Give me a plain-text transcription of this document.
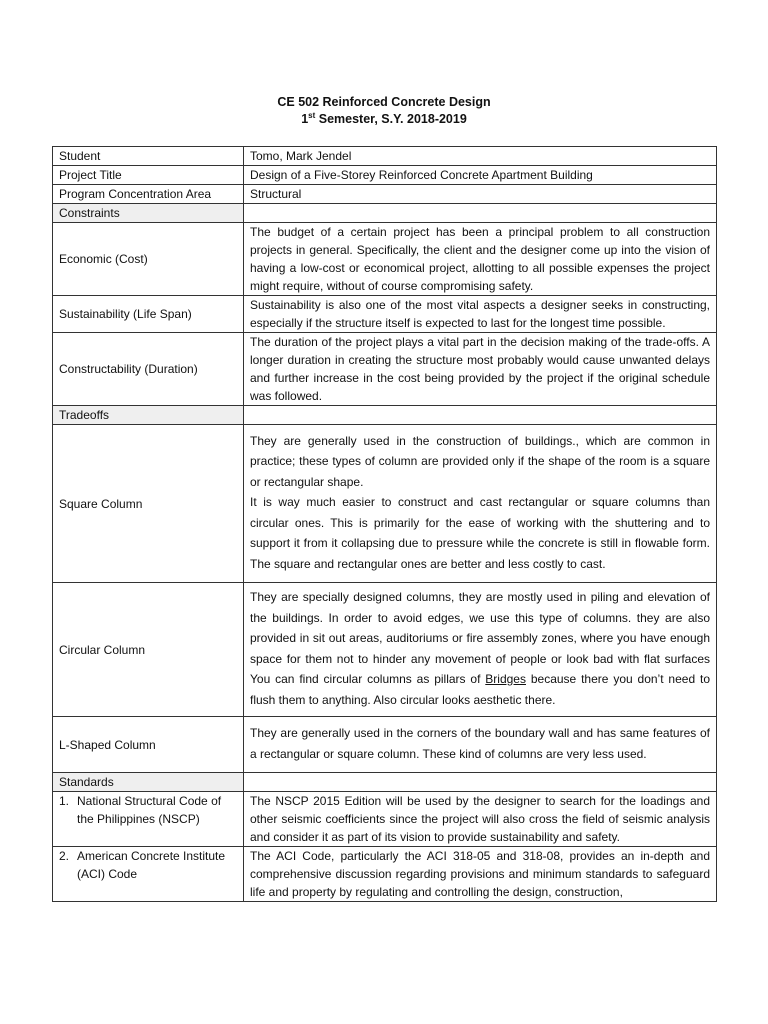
CE 502 Reinforced Concrete Design
1st Semester, S.Y. 2018-2019
Student	Tomo, Mark Jendel
Project Title	Design of a Five-Storey Reinforced Concrete Apartment Building
Program Concentration Area	Structural
Constraints	
Economic (Cost)	The budget of a certain project has been a principal problem to all construction projects in general. Specifically, the client and the designer come up into the vision of having a low-cost or economical project, allotting to all possible expenses the project might require, without of course compromising safety.
Sustainability (Life Span)	Sustainability is also one of the most vital aspects a designer seeks in constructing, especially if the structure itself is expected to last for the longest time possible.
Constructability (Duration)	The duration of the project plays a vital part in the decision making of the trade-offs. A longer duration in creating the structure most probably would cause unwanted delays and further increase in the cost being provided by the project if the original schedule was followed.
Tradeoffs	
Square Column	They are generally used in the construction of buildings., which are common in practice; these types of column are provided only if the shape of the room is a square or rectangular shape.
It is way much easier to construct and cast rectangular or square columns than circular ones. This is primarily for the ease of working with the shuttering and to support it from it collapsing due to pressure while the concrete is still in flowable form. The square and rectangular ones are better and less costly to cast.

Circular Column	They are specially designed columns, they are mostly used in piling and elevation of the buildings. In order to avoid edges, we use this type of columns. they are also provided in sit out areas, auditoriums or fire assembly zones, where you have enough space for them not to hinder any movement of people or look bad with flat surfaces You can find circular columns as pillars of Bridges because there you don’t need to flush them to anything. Also circular looks aesthetic there.
L-Shaped Column	They are generally used in the corners of the boundary wall and has same features of a rectangular or square column. These kind of columns are very less used.
Standards	

1. National Structural Code of the Philippines (NSCP)	The NSCP 2015 Edition will be used by the designer to search for the loadings and other seismic coefficients since the project will also cross the field of seismic analysis and consider it as part of its vision to provide sustainability and safety.

2. American Concrete Institute (ACI) Code	The ACI Code, particularly the ACI 318-05 and 318-08, provides an in-depth and comprehensive discussion regarding provisions and minimum standards to safeguard life and property by regulating and controlling the design, construction,
